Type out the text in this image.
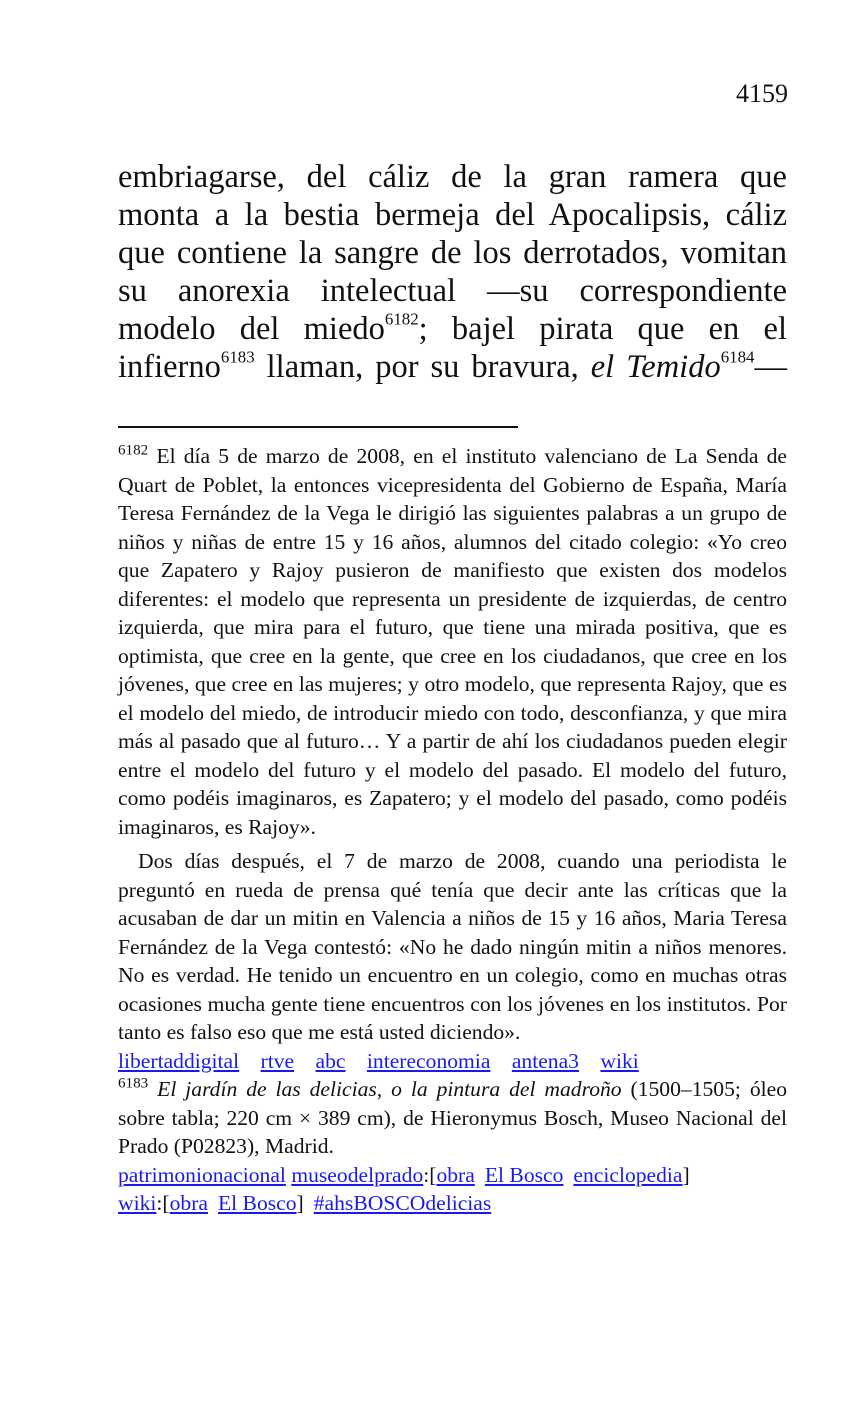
4159
embriagarse, del cáliz de la gran ramera que
monta a la bestia bermeja del Apocalipsis, cáliz
que contiene la sangre de los derrotados, vomitan
su anorexia intelectual —su correspondiente
modelo del miedo$^{6182}$; bajel pirata que en el
infierno$^{6183}$ llaman, por su bravura, el Temido$^{6184}$—

$^{6182}$ El día 5 de marzo de 2008, en el instituto valenciano de La Senda de Quart de Poblet, la entonces vicepresidenta del Gobierno de España, María Teresa Fernández de la Vega le dirigió las siguientes palabras a un grupo de niños y niñas de entre 15 y 16 años, alumnos del citado colegio: «Yo creo que Zapatero y Rajoy pusieron de manifiesto que existen dos modelos diferentes: el modelo que representa un presidente de izquierdas, de centro izquierda, que mira para el futuro, que tiene una mirada positiva, que es optimista, que cree en la gente, que cree en los ciudadanos, que cree en los jóvenes, que cree en las mujeres; y otro modelo, que representa Rajoy, que es el modelo del miedo, de introducir miedo con todo, desconfianza, y que mira más al pasado que al futuro… Y a partir de ahí los ciudadanos pueden elegir entre el modelo del futuro y el modelo del pasado. El modelo del futuro, como podéis imaginaros, es Zapatero; y el modelo del pasado, como podéis imaginaros, es Rajoy».

Dos días después, el 7 de marzo de 2008, cuando una periodista le preguntó en rueda de prensa qué tenía que decir ante las críticas que la acusaban de dar un mitin en Valencia a niños de 15 y 16 años, Maria Teresa Fernández de la Vega contestó: «No he dado ningún mitin a niños menores. No es verdad. He tenido un encuentro en un colegio, como en muchas otras ocasiones mucha gente tiene encuentros con los jóvenes en los institutos. Por tanto es falso eso que me está usted diciendo».

libertaddigital rtve abc intereconomia antena3 wiki

$^{6183}$ El jardín de las delicias, o la pintura del madroño (1500–1505; óleo sobre tabla; 220 cm × 389 cm), de Hieronymus Bosch, Museo Nacional del Prado (P02823), Madrid.

patrimonionacional museodelprado:[obra El Bosco enciclopedia]
wiki:[obra El Bosco] #ahsBOSCOdelicias
